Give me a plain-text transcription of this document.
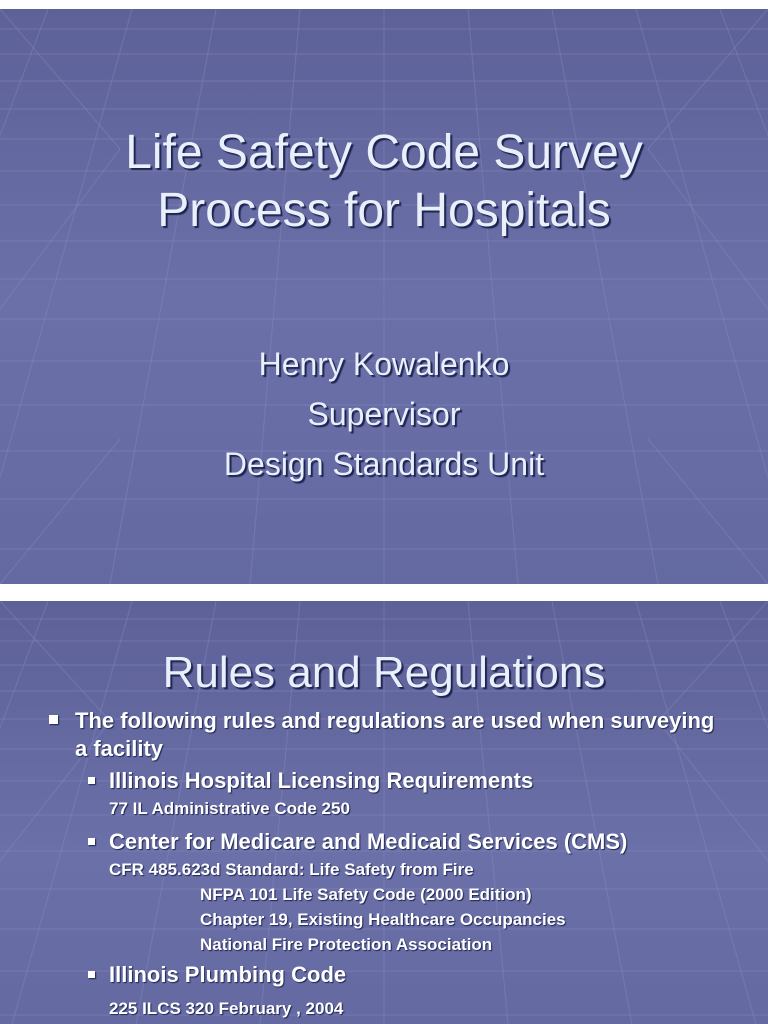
Life Safety Code Survey
Process for Hospitals
Henry Kowalenko
Supervisor
Design Standards Unit
Rules and Regulations
The following rules and regulations are used when surveying a facility
Illinois Hospital Licensing Requirements
77 IL Administrative Code 250
Center for Medicare and Medicaid Services (CMS)
CFR 485.623d Standard: Life Safety from Fire
NFPA 101 Life Safety Code (2000 Edition)
Chapter 19, Existing Healthcare Occupancies
National Fire Protection Association
Illinois Plumbing Code
225 ILCS 320 February , 2004
